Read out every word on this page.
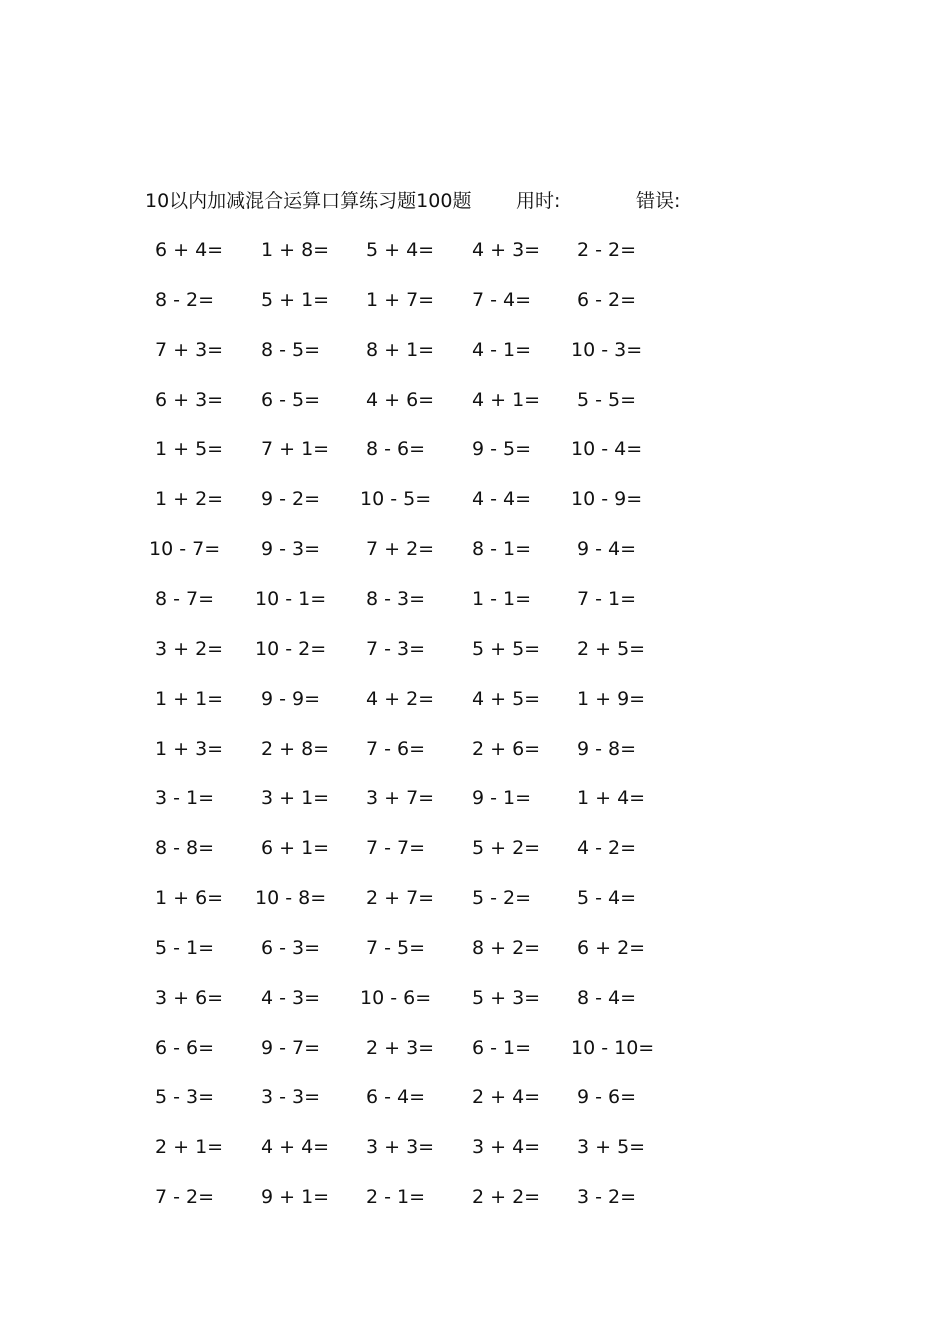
10以内加减混合运算口算练习题100题 用时:	错误:
6 + 4= 1 + 8= 5 + 4= 4 + 3= 2 - 2=
8 - 2= 5 + 1= 1 + 7= 7 - 4= 6 - 2=
7 + 3= 8 - 5= 8 + 1= 4 - 1= 10 - 3=
6 + 3= 6 - 5= 4 + 6= 4 + 1= 5 - 5=
1 + 5= 7 + 1= 8 - 6= 9 - 5= 10 - 4=
1 + 2= 9 - 2= 10 - 5= 4 - 4= 10 - 9=
10 - 7= 9 - 3= 7 + 2= 8 - 1= 9 - 4=
8 - 7= 10 - 1= 8 - 3= 1 - 1= 7 - 1=
3 + 2= 10 - 2= 7 - 3= 5 + 5= 2 + 5=
1 + 1= 9 - 9= 4 + 2= 4 + 5= 1 + 9=
1 + 3= 2 + 8= 7 - 6= 2 + 6= 9 - 8=
3 - 1= 3 + 1= 3 + 7= 9 - 1= 1 + 4=
8 - 8= 6 + 1= 7 - 7= 5 + 2= 4 - 2=
1 + 6= 10 - 8= 2 + 7= 5 - 2= 5 - 4=
5 - 1= 6 - 3= 7 - 5= 8 + 2= 6 + 2=
3 + 6= 4 - 3= 10 - 6= 5 + 3= 8 - 4=
6 - 6= 9 - 7= 2 + 3= 6 - 1= 10 - 10=
5 - 3= 3 - 3= 6 - 4= 2 + 4= 9 - 6=
2 + 1= 4 + 4= 3 + 3= 3 + 4= 3 + 5=
7 - 2= 9 + 1= 2 - 1= 2 + 2= 3 - 2=
